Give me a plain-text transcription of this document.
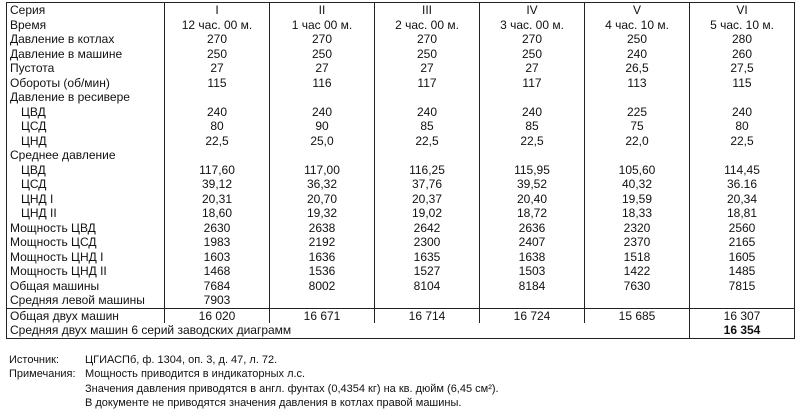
Серия	I	II	III	IV	V	VI
Время	12 час. 00 м.	1 час 00 м.	2 час. 00 м.	3 час. 00 м.	4 час. 10 м.	5 час. 10 м.
Давление в котлах	270	270	270	270	250	280
Давление в машине	250	250	250	250	240	260
Пустота	27	27	27	27	26,5	27,5
Обороты (об/мин)	115	116	117	117	113	115
Давление в ресивере						
ЦВД	240	240	240	240	225	240
ЦСД	80	90	85	85	75	80
ЦНД	22,5	25,0	22,5	22,5	22,0	22,5
Среднее давление						
ЦВД	117,60	117,00	116,25	115,95	105,60	114,45
ЦСД	39,12	36,32	37,76	39,52	40,32	36.16
ЦНД I	20,31	20,70	20,37	20,40	19,59	20,34
ЦНД II	18,60	19,32	19,02	18,72	18,33	18,81
Мощность ЦВД	2630	2638	2642	2636	2320	2560
Мощность ЦСД	1983	2192	2300	2407	2370	2165
Мощность ЦНД I	1603	1636	1635	1638	1518	1605
Мощность ЦНД II	1468	1536	1527	1503	1422	1485
Общая машины	7684	8002	8104	8184	7630	7815
Средняя левой машины	7903					
Общая двух машин	16 020	16 671	16 714	16 724	15 685	16 307
Средняя двух машин 6 серий заводских диаграмм						16 354
Источник:	ЦГИАСПб, ф. 1304, оп. 3, д. 47, л. 72.
Примечания: Мощность приводится в индикаторных л.с.
Значения давления приводятся в англ. фунтах (0,4354 кг) на кв. дюйм (6,45 см²).
В документе не приводятся значения давления в котлах правой машины.
